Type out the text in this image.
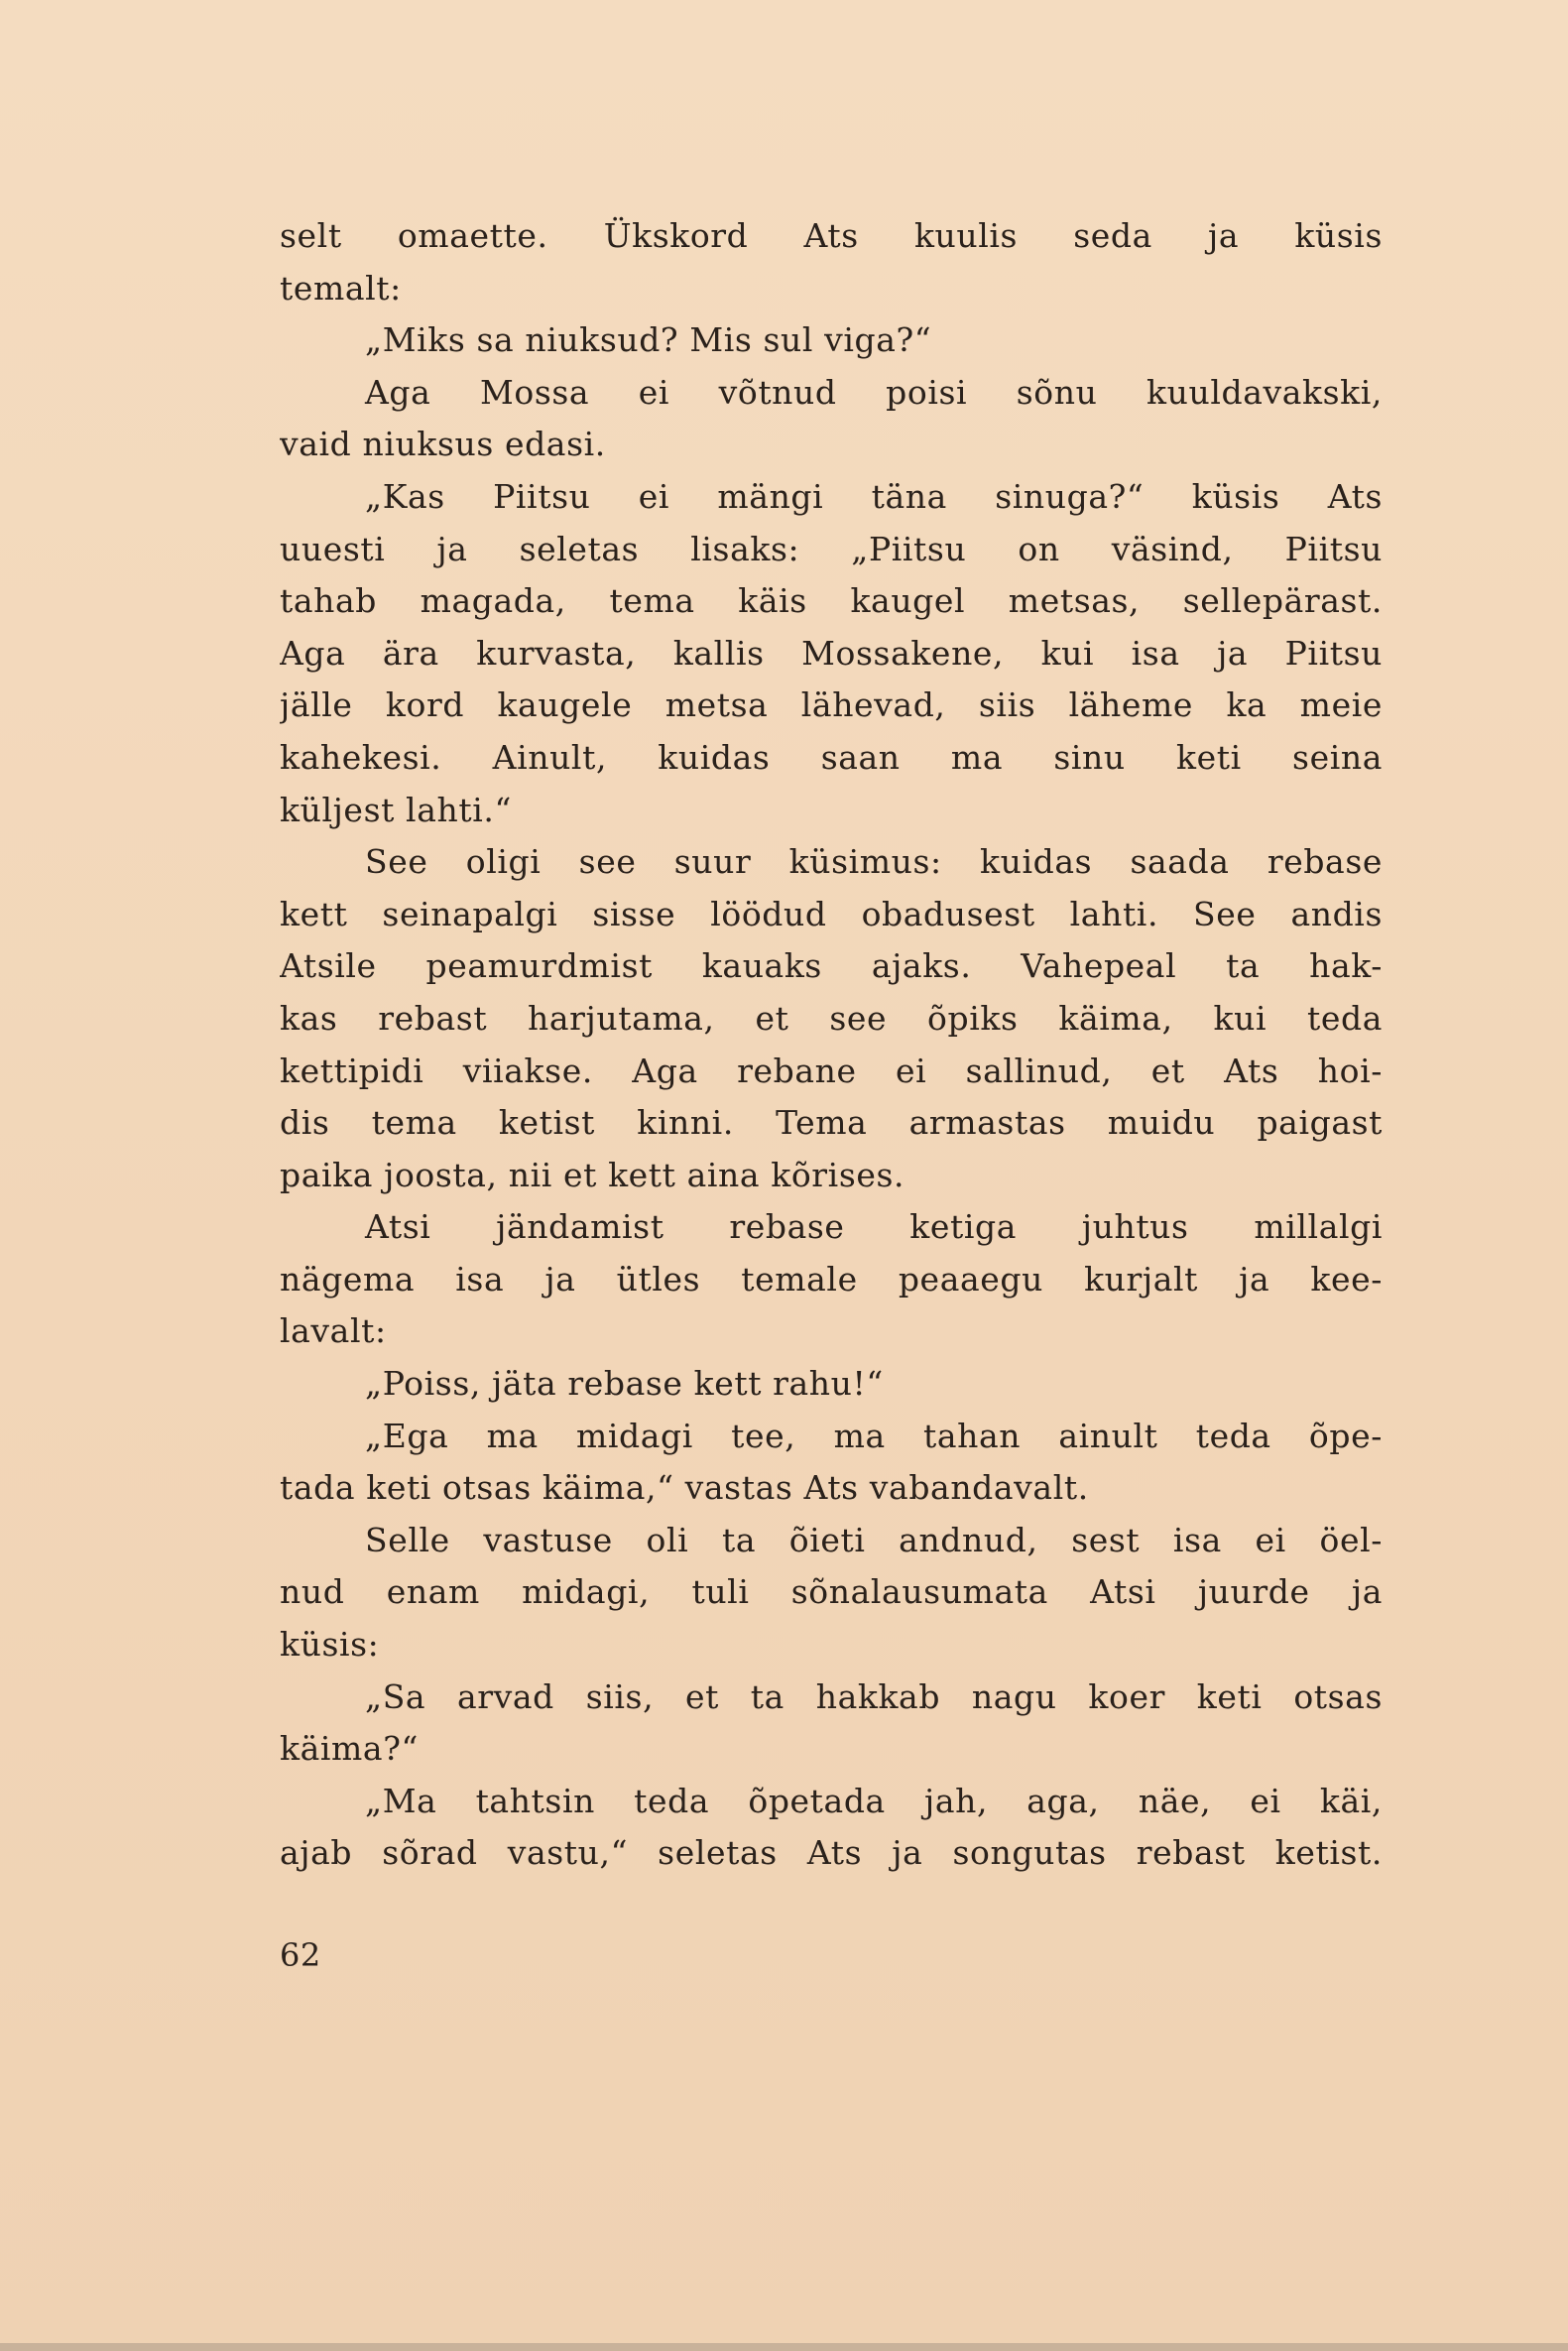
selt omaette. Ükskord Ats kuulis seda ja küsis
temalt:
„Miks sa niuksud? Mis sul viga?“
Aga Mossa ei võtnud poisi sõnu kuuldavakski,
vaid niuksus edasi.
„Kas Piitsu ei mängi täna sinuga?“ küsis Ats
uuesti ja seletas lisaks: „Piitsu on väsind, Piitsu
tahab magada, tema käis kaugel metsas, sellepärast.
Aga ära kurvasta, kallis Mossakene, kui isa ja Piitsu
jälle kord kaugele metsa lähevad, siis läheme ka meie
kahekesi. Ainult, kuidas saan ma sinu keti seina
küljest lahti.“
See oligi see suur küsimus: kuidas saada rebase
kett seinapalgi sisse löödud obadusest lahti. See andis
Atsile peamurdmist kauaks ajaks. Vahepeal ta hak-
kas rebast harjutama, et see õpiks käima, kui teda
kettipidi viiakse. Aga rebane ei sallinud, et Ats hoi-
dis tema ketist kinni. Tema armastas muidu paigast
paika joosta, nii et kett aina kõrises.
Atsi jändamist rebase ketiga juhtus millalgi
nägema isa ja ütles temale peaaegu kurjalt ja kee-
lavalt:
„Poiss, jäta rebase kett rahu!“
„Ega ma midagi tee, ma tahan ainult teda õpe-
tada keti otsas käima,“ vastas Ats vabandavalt.
Selle vastuse oli ta õieti andnud, sest isa ei öel-
nud enam midagi, tuli sõnalausumata Atsi juurde ja
küsis:
„Sa arvad siis, et ta hakkab nagu koer keti otsas
käima?“
„Ma tahtsin teda õpetada jah, aga, näe, ei käi,
ajab sõrad vastu,“ seletas Ats ja songutas rebast ketist.
62
